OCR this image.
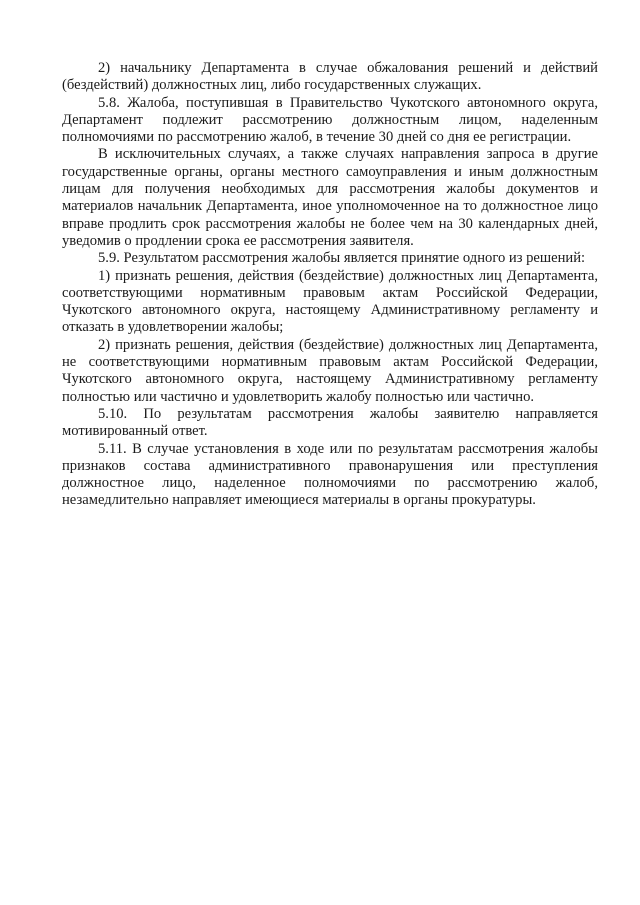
2) начальнику Департамента в случае обжалования решений и действий (бездействий) должностных лиц, либо государственных служащих.

5.8. Жалоба, поступившая в Правительство Чукотского автономного округа, Департамент подлежит рассмотрению должностным лицом, наделенным полномочиями по рассмотрению жалоб, в течение 30 дней со дня ее регистрации.

В исключительных случаях, а также случаях направления запроса в другие государственные органы, органы местного самоуправления и иным должностным лицам для получения необходимых для рассмотрения жалобы документов и материалов начальник Департамента, иное уполномоченное на то должностное лицо вправе продлить срок рассмотрения жалобы не более чем на 30 календарных дней, уведомив о продлении срока ее рассмотрения заявителя.

5.9. Результатом рассмотрения жалобы является принятие одного из решений:

1) признать решения, действия (бездействие) должностных лиц Департамента, соответствующими нормативным правовым актам Российской Федерации, Чукотского автономного округа, настоящему Административному регламенту и отказать в удовлетворении жалобы;

2) признать решения, действия (бездействие) должностных лиц Департамента, не соответствующими нормативным правовым актам Российской Федерации, Чукотского автономного округа, настоящему Административному регламенту полностью или частично и удовлетворить жалобу полностью или частично.

5.10. По результатам рассмотрения жалобы заявителю направляется мотивированный ответ.

5.11. В случае установления в ходе или по результатам рассмотрения жалобы признаков состава административного правонарушения или преступления должностное лицо, наделенное полномочиями по рассмотрению жалоб, незамедлительно направляет имеющиеся материалы в органы прокуратуры.
